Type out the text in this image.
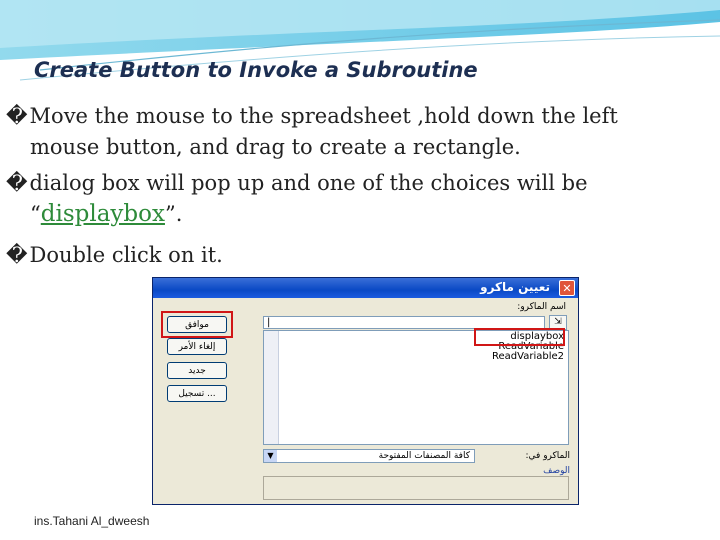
Create Button to Invoke a Subroutine
�Move the mouse to the spreadsheet ,hold down the left
mouse button, and drag to create a rectangle.
�dialog box will pop up and one of the choices will be
“displaybox”.
�Double click on it.
تعيين ماكرو	✕
اسم الماكرو:
|	⇲
displaybox
ReadVariable
ReadVariable2
موافق
إلغاء الأمر
جديد
تسجيل ...
الماكرو في:
▼	كافة المصنفات المفتوحة
الوصف
ins.Tahani Al_dweesh
